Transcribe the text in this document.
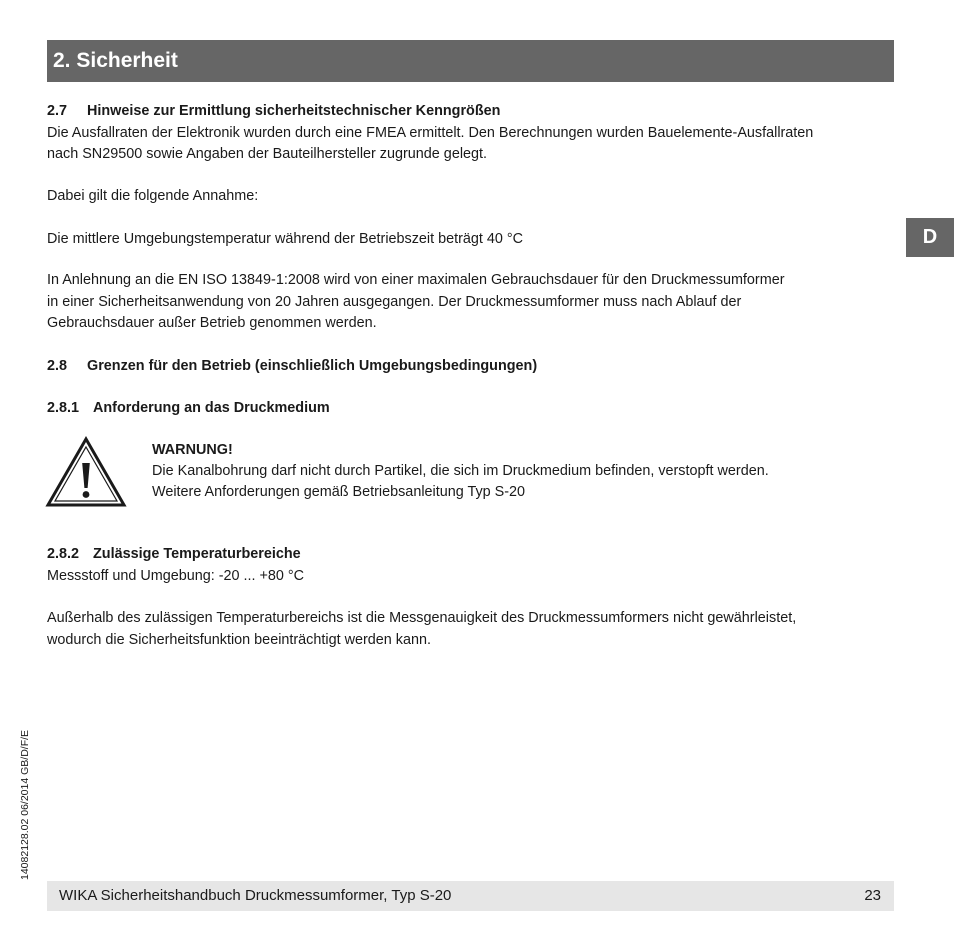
2. Sicherheit
D

2.7 Hinweise zur Ermittlung sicherheitstechnischer Kenngrößen

Die Ausfallraten der Elektronik wurden durch eine FMEA ermittelt. Den Berechnungen wurden Bauelemente-Ausfallraten

nach SN29500 sowie Angaben der Bauteilhersteller zugrunde gelegt.

Dabei gilt die folgende Annahme:

Die mittlere Umgebungstemperatur während der Betriebszeit beträgt 40 °C

In Anlehnung an die EN ISO 13849-1:2008 wird von einer maximalen Gebrauchsdauer für den Druckmessumformer

in einer Sicherheitsanwendung von 20 Jahren ausgegangen. Der Druckmessumformer muss nach Ablauf der

Gebrauchsdauer außer Betrieb genommen werden.

2.8 Grenzen für den Betrieb (einschließlich Umgebungsbedingungen)

2.8.1 Anforderung an das Druckmedium

WARNUNG!

Die Kanalbohrung darf nicht durch Partikel, die sich im Druckmedium befinden, verstopft werden.

Weitere Anforderungen gemäß Betriebsanleitung Typ S-20

2.8.2 Zulässige Temperaturbereiche

Messstoff und Umgebung: -20 ... +80 °C

Außerhalb des zulässigen Temperaturbereichs ist die Messgenauigkeit des Druckmessumformers nicht gewährleistet,

wodurch die Sicherheitsfunktion beeinträchtigt werden kann.

14082128.02 06/2014 GB/D/F/E
WIKA Sicherheitshandbuch Druckmessumformer, Typ S-20	23
